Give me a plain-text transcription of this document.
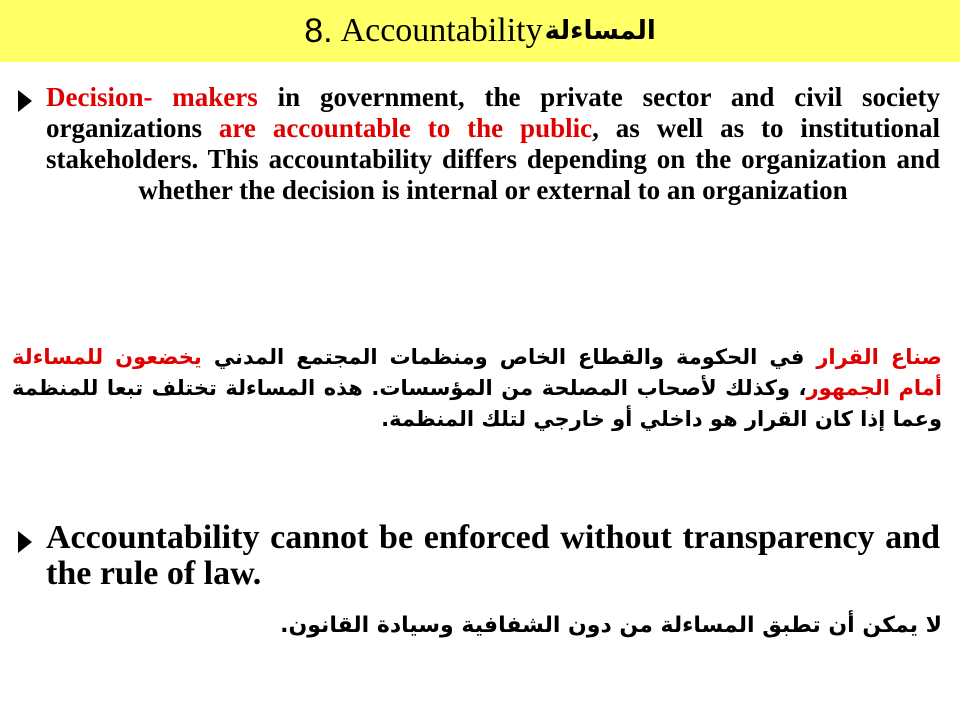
8. Accountability المساءلة
Decision- makers in government, the private sector and civil society organizations are accountable to the public, as well as to institutional stakeholders. This accountability differs depending on the organization and whether the decision is internal or external to an organization
صناع القرار في الحكومة والقطاع الخاص ومنظمات المجتمع المدني يخضعون للمساءلة أمام الجمهور، وكذلك لأصحاب المصلحة من المؤسسات. هذه المساءلة تختلف تبعا للمنظمة وعما إذا كان القرار هو داخلي أو خارجي لتلك المنظمة.
Accountability cannot be enforced without transparency and the rule of law.
لا يمكن أن تطبق المساءلة من دون الشفافية وسيادة القانون.
